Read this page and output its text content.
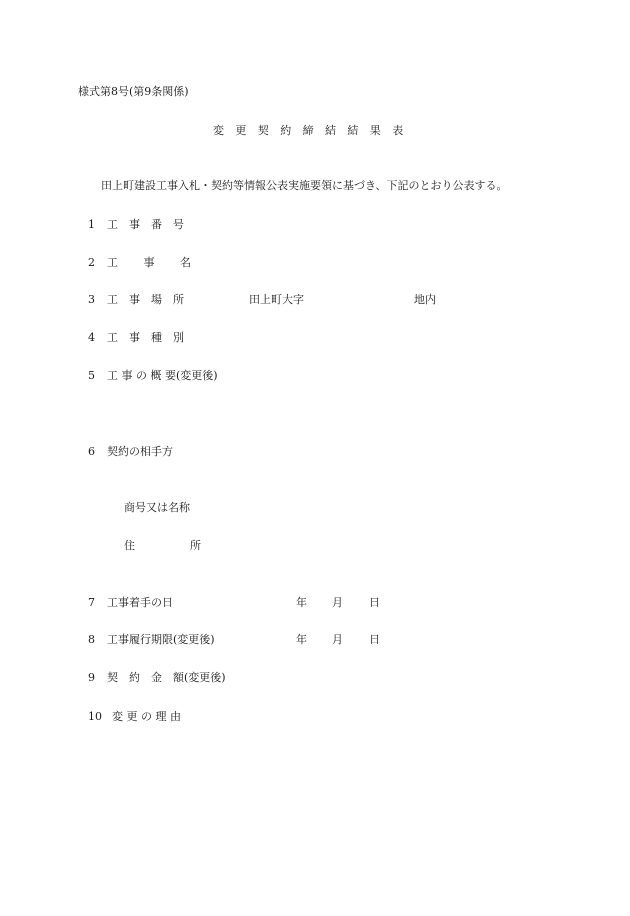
様式第8号(第9条関係)
変　更　契　約　締　結　結　果　表
田上町建設工事入札・契約等情報公表実施要領に基づき、下記のとおり公表する。
1 工　事　番　号
2 工　　 事　　 名
3 工　事　場　所	田上町大字	地内
4 工　事　種　別
5 工 事 の 概 要(変更後)
6 契約の相手方
商号又は名称
住　　　　　所
7 工事着手の日	年 月 日
8 工事履行期限(変更後)	年 月 日
9 契　約　金　額(変更後)
10 変 更 の 理 由
